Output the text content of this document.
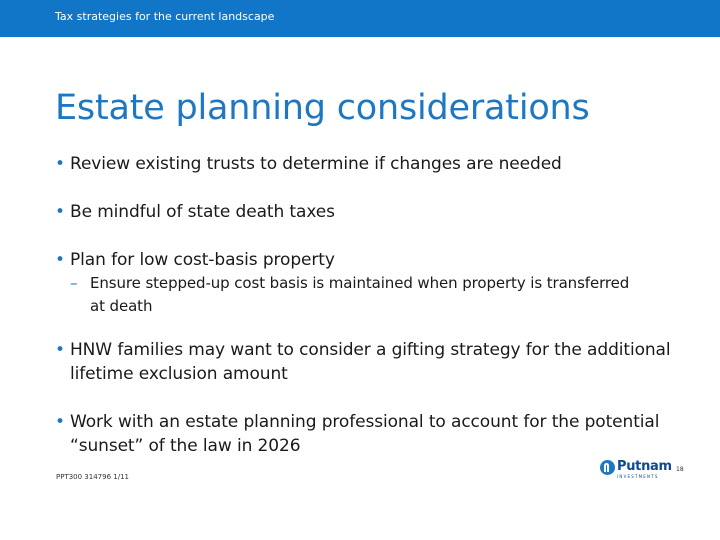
Tax strategies for the current landscape
Estate planning considerations
• Review existing trusts to determine if changes are needed
• Be mindful of state death taxes
• Plan for low cost-basis property
– Ensure stepped-up cost basis is maintained when property is transferred
at death
• HNW families may want to consider a gifting strategy for the additional lifetime exclusion amount
• Work with an estate planning professional to account for the potential “sunset” of the law in 2026
PPT300 314796 1/11
Putnam
INVESTMENTS
18
